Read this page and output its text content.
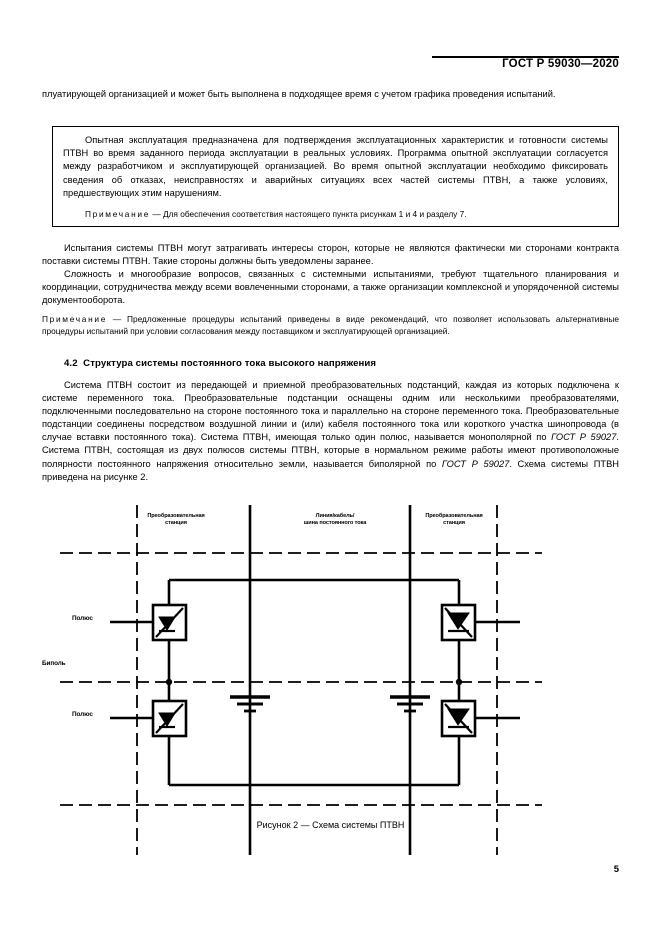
ГОСТ Р 59030—2020

плуатирующей организацией и может быть выполнена в подходящее время с учетом графика проведения испытаний.

Опытная эксплуатация предназначена для подтверждения эксплуатационных характеристик и готовности системы ПТВН во время заданного периода эксплуатации в реальных условиях. Программа опытной эксплуатации согласуется между разработчиком и эксплуатирующей организацией. Во время опытной эксплуатации необходимо фиксировать сведения об отказах, неисправностях и аварийных ситуациях всех частей системы ПТВН, а также условиях, предшествующих этим нарушениям.

Примечание — Для обеспечения соответствия настоящего пункта рисункам 1 и 4 и разделу 7.

Испытания системы ПТВН могут затрагивать интересы сторон, которые не являются фактически ми сторонами контракта поставки системы ПТВН. Такие стороны должны быть уведомлены заранее.

Сложность и многообразие вопросов, связанных с системными испытаниями, требуют тщательного планирования и координации, сотрудничества между всеми вовлеченными сторонами, а также организации комплексной и упорядоченной системы документооборота.

Примечание — Предложенные процедуры испытаний приведены в виде рекомендаций, что позволяет использовать альтернативные процедуры испытаний при условии согласования между поставщиком и эксплуатирующей организацией.
4.2 Структура системы постоянного тока высокого напряжения

Система ПТВН состоит из передающей и приемной преобразовательных подстанций, каждая из которых подключена к системе переменного тока. Преобразовательные подстанции оснащены одним или несколькими преобразователями, подключенными последовательно на стороне постоянного тока и параллельно на стороне переменного тока. Преобразовательные подстанции соединены посредством воздушной линии и (или) кабеля постоянного тока или короткого участка шинопровода (в случае вставки постоянного тока). Система ПТВН, имеющая только один полюс, называется монополярной по ГОСТ Р 59027. Система ПТВН, состоящая из двух полюсов системы ПТВН, которые в нормальном режиме работы имеют противоположные полярности постоянного напряжения относительно земли, называется биполярной по ГОСТ Р 59027. Схема системы ПТВН приведена на рисунке 2.

Преобразовательная
станция
Линия/кабель/
шина постоянного тока
Преобразовательная
станция
Полюс
Биполь
Полюс
Рисунок 2 — Схема системы ПТВН
5
